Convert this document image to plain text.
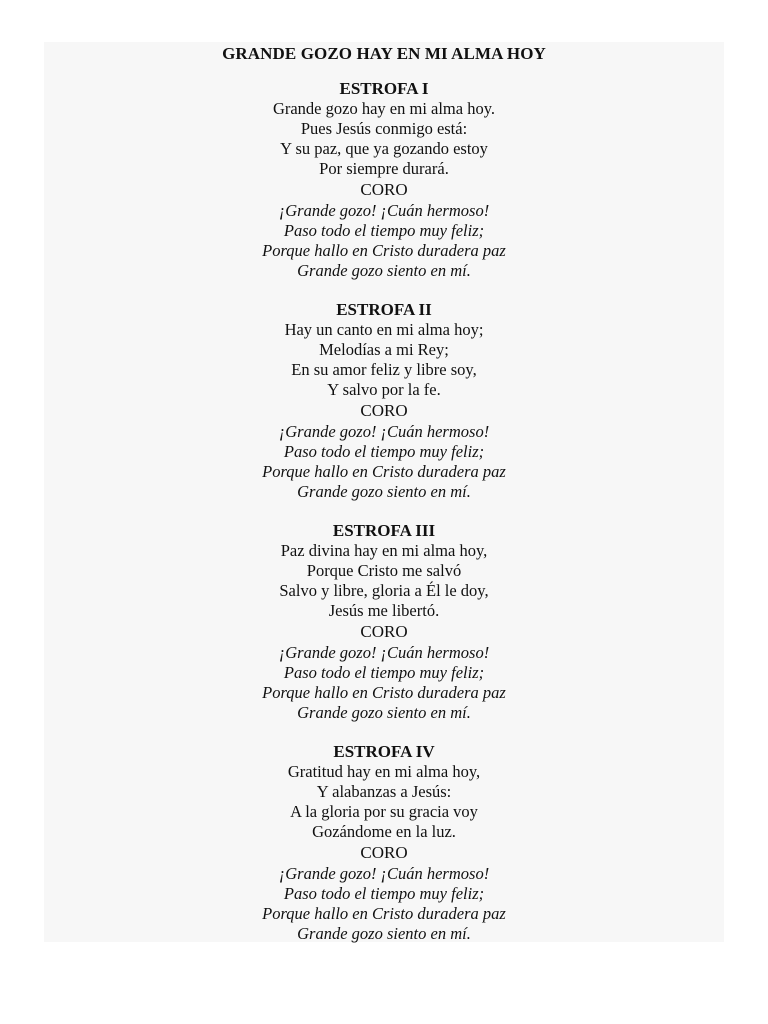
GRANDE GOZO HAY EN MI ALMA HOY

ESTROFA I

Grande gozo hay en mi alma hoy.

Pues Jesús conmigo está:

Y su paz, que ya gozando estoy

Por siempre durará.

CORO

¡Grande gozo! ¡Cuán hermoso!

Paso todo el tiempo muy feliz;

Porque hallo en Cristo duradera paz

Grande gozo siento en mí.

ESTROFA II

Hay un canto en mi alma hoy;

Melodías a mi Rey;

En su amor feliz y libre soy,

Y salvo por la fe.

CORO

¡Grande gozo! ¡Cuán hermoso!

Paso todo el tiempo muy feliz;

Porque hallo en Cristo duradera paz

Grande gozo siento en mí.

ESTROFA III

Paz divina hay en mi alma hoy,

Porque Cristo me salvó

Salvo y libre, gloria a Él le doy,

Jesús me libertó.

CORO

¡Grande gozo! ¡Cuán hermoso!

Paso todo el tiempo muy feliz;

Porque hallo en Cristo duradera paz

Grande gozo siento en mí.

ESTROFA IV

Gratitud hay en mi alma hoy,

Y alabanzas a Jesús:

A la gloria por su gracia voy

Gozándome en la luz.

CORO

¡Grande gozo! ¡Cuán hermoso!

Paso todo el tiempo muy feliz;

Porque hallo en Cristo duradera paz

Grande gozo siento en mí.
